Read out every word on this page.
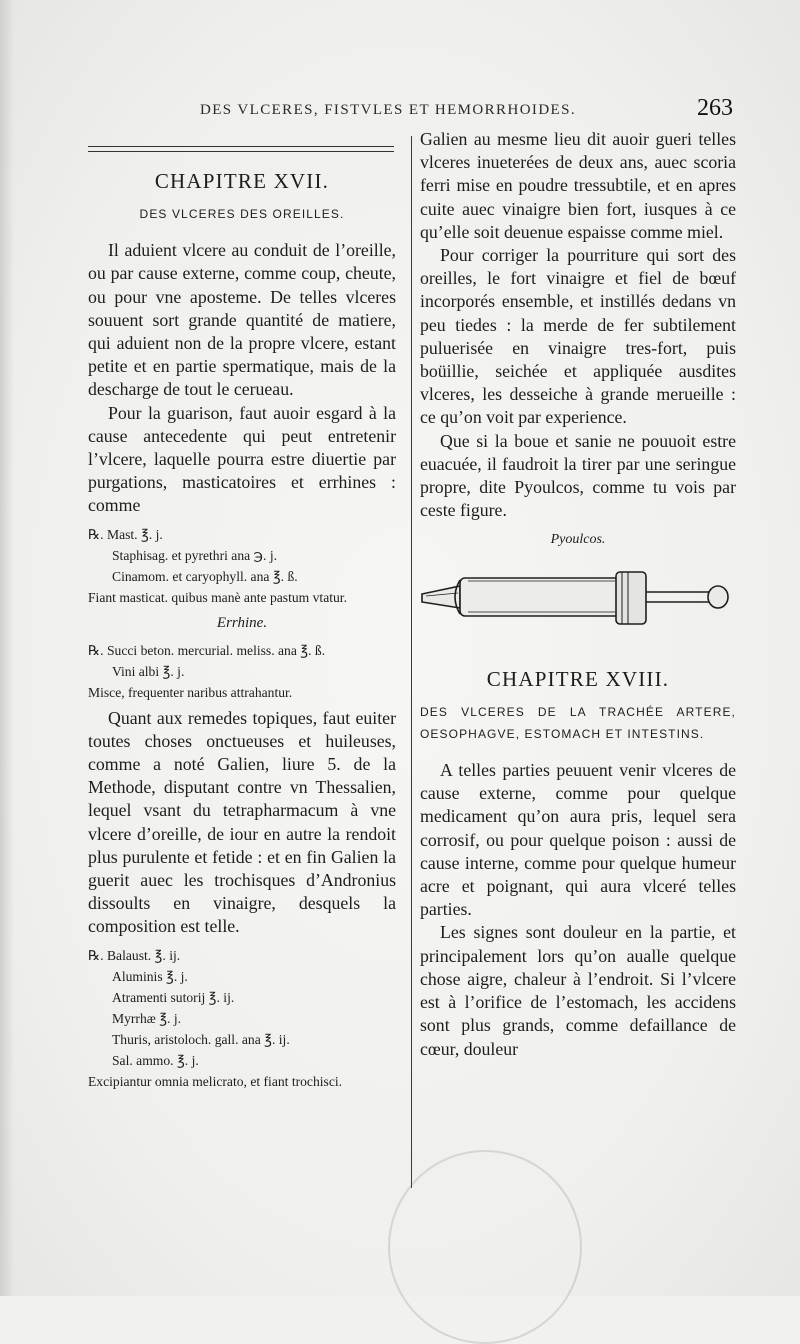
DES VLCERES, FISTVLES ET HEMORRHOIDES.	263
CHAPITRE XVII.
DES VLCERES DES OREILLES.

Il aduient vlcere au conduit de l’oreille, ou par cause externe, comme coup, cheute, ou pour vne aposteme. De telles vlceres souuent sort grande quantité de matiere, qui aduient non de la propre vlcere, estant petite et en partie spermatique, mais de la descharge de tout le cerueau.

Pour la guarison, faut auoir esgard à la cause antecedente qui peut entretenir l’vlcere, laquelle pourra estre diuertie par purgations, masticatoires et errhines : comme

℞. Mast. ℥. j.
Staphisag. et pyrethri ana ℈. j.
Cinamom. et caryophyll. ana ℥. ß.
Fiant masticat. quibus manè ante pastum vtatur.
Errhine.
℞. Succi beton. mercurial. meliss. ana ℥. ß.
Vini albi ℥. j.
Misce, frequenter naribus attrahantur.

Quant aux remedes topiques, faut euiter toutes choses onctueuses et huileuses, comme a noté Galien, liure 5. de la Methode, disputant contre vn Thessalien, lequel vsant du tetrapharmacum à vne vlcere d’oreille, de iour en autre la rendoit plus purulente et fetide : et en fin Galien la guerit auec les trochisques d’Andronius dissoults en vinaigre, desquels la composition est telle.

℞. Balaust. ℥. ij.
Aluminis ℥. j.
Atramenti sutorij ℥. ij.
Myrrhæ ℥. j.
Thuris, aristoloch. gall. ana ℥. ij.
Sal. ammo. ℥. j.
Excipiantur omnia melicrato, et fiant trochisci.

Galien au mesme lieu dit auoir gueri telles vlceres inueterées de deux ans, auec scoria ferri mise en poudre tressubtile, et en apres cuite auec vinaigre bien fort, iusques à ce qu’elle soit deuenue espaisse comme miel.

Pour corriger la pourriture qui sort des oreilles, le fort vinaigre et fiel de bœuf incorporés ensemble, et instillés dedans vn peu tiedes : la merde de fer subtilement puluerisée en vinaigre tres-fort, puis boüillie, seichée et appliquée ausdites vlceres, les desseiche à grande merueille : ce qu’on voit par experience.

Que si la boue et sanie ne pouuoit estre euacuée, il faudroit la tirer par une seringue propre, dite Pyoulcos, comme tu vois par ceste figure.

Pyoulcos.
CHAPITRE XVIII.
DES VLCERES DE LA TRACHÉE ARTERE, OESOPHAGVE, ESTOMACH ET INTESTINS.

A telles parties peuuent venir vlceres de cause externe, comme pour quelque medicament qu’on aura pris, lequel sera corrosif, ou pour quelque poison : aussi de cause interne, comme pour quelque humeur acre et poignant, qui aura vlceré telles parties.

Les signes sont douleur en la partie, et principalement lors qu’on aualle quelque chose aigre, chaleur à l’endroit. Si l’vlcere est à l’orifice de l’estomach, les accidens sont plus grands, comme defaillance de cœur, douleur
